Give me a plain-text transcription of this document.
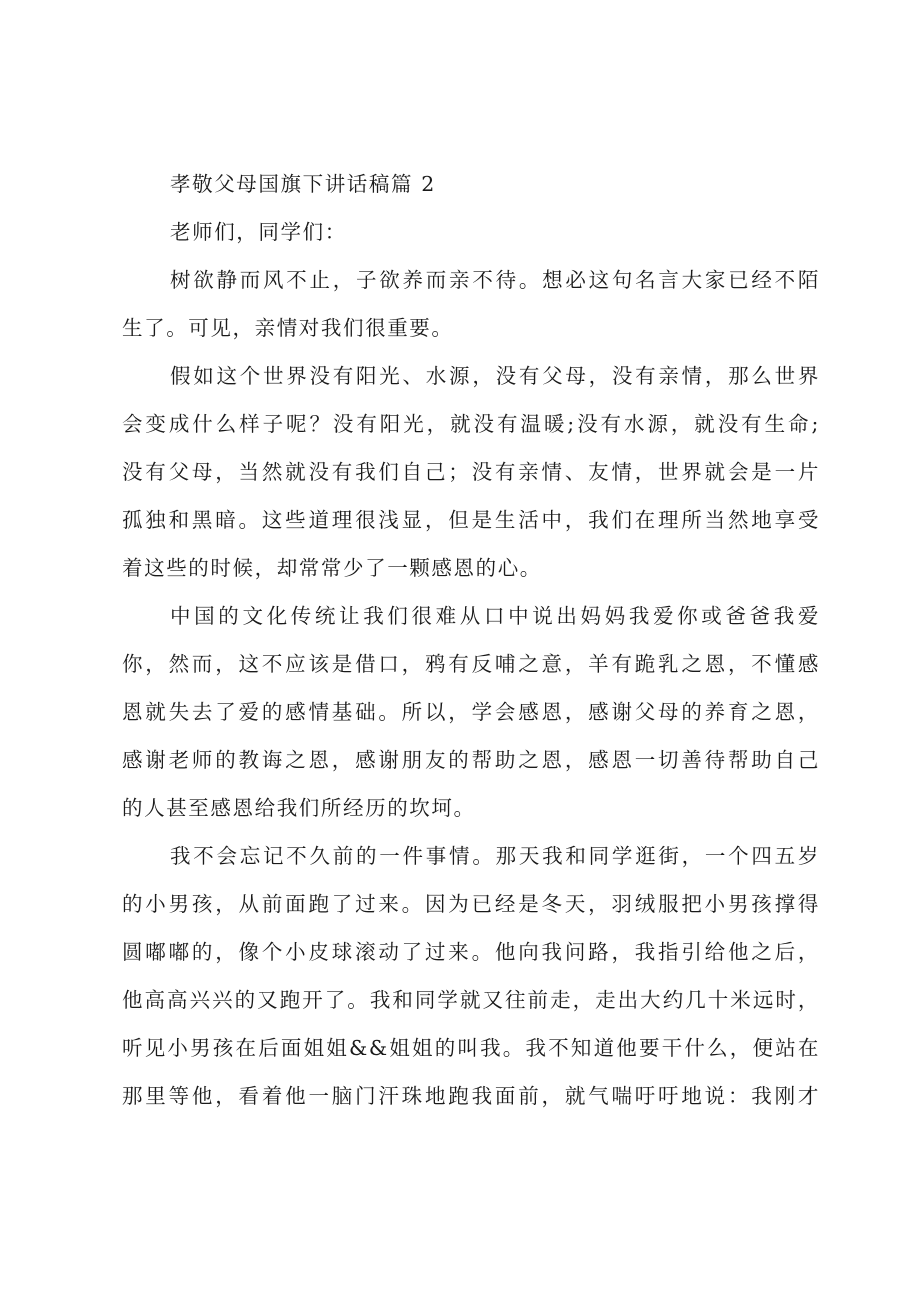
孝敬父母国旗下讲话稿篇 2
老师们，同学们：
树欲静而风不止，子欲养而亲不待。想必这句名言大家已经不陌
生了。可见，亲情对我们很重要。
假如这个世界没有阳光、水源，没有父母，没有亲情，那么世界
会变成什么样子呢？没有阳光，就没有温暖;没有水源，就没有生命;
没有父母，当然就没有我们自己；没有亲情、友情，世界就会是一片
孤独和黑暗。这些道理很浅显，但是生活中，我们在理所当然地享受
着这些的时候，却常常少了一颗感恩的心。
中国的文化传统让我们很难从口中说出妈妈我爱你或爸爸我爱
你，然而，这不应该是借口，鸦有反哺之意，羊有跪乳之恩，不懂感
恩就失去了爱的感情基础。所以，学会感恩，感谢父母的养育之恩，
感谢老师的教诲之恩，感谢朋友的帮助之恩，感恩一切善待帮助自己
的人甚至感恩给我们所经历的坎坷。
我不会忘记不久前的一件事情。那天我和同学逛街，一个四五岁
的小男孩，从前面跑了过来。因为已经是冬天，羽绒服把小男孩撑得
圆嘟嘟的，像个小皮球滚动了过来。他向我问路，我指引给他之后，
他高高兴兴的又跑开了。我和同学就又往前走，走出大约几十米远时，
听见小男孩在后面姐姐&&姐姐的叫我。我不知道他要干什么，便站在
那里等他，看着他一脑门汗珠地跑我面前，就气喘吁吁地说：我刚才
